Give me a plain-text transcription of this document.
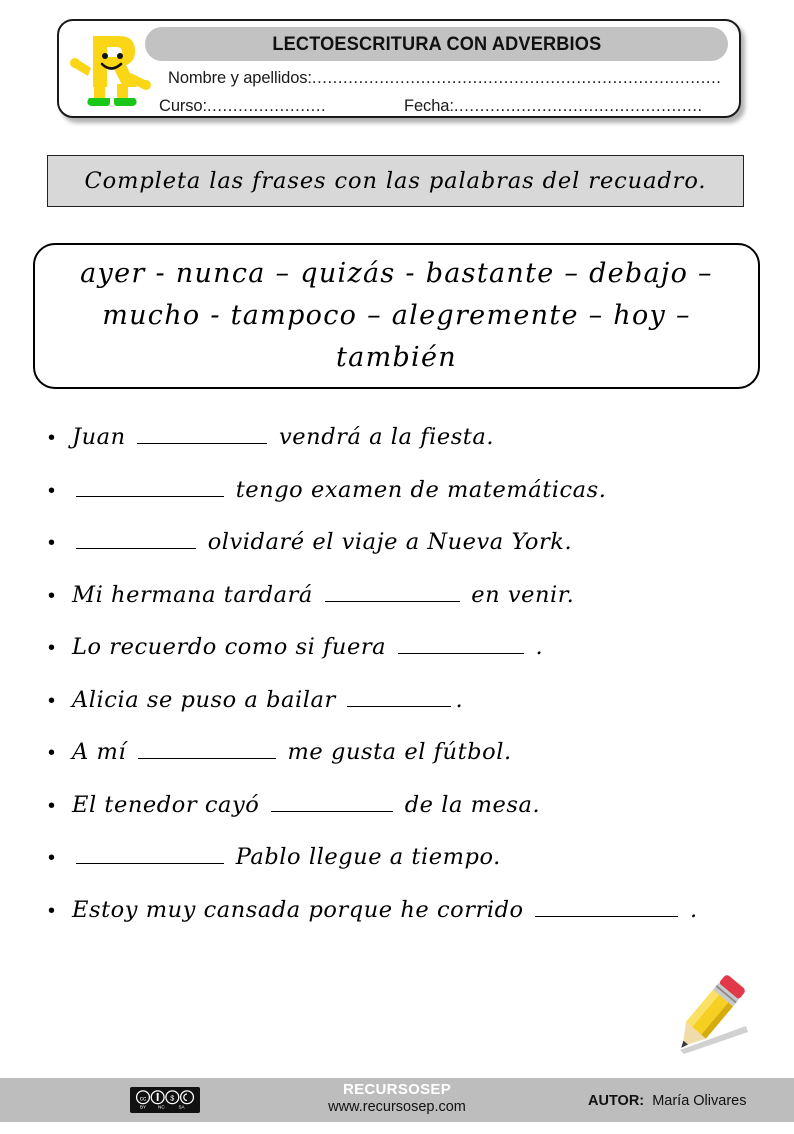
LECTOESCRITURA CON ADVERBIOS
Nombre y apellidos:...............................................................................
Curso:.......................	Fecha:................................................
Completa las frases con las palabras del recuadro.
ayer - nunca – quizás - bastante – debajo –
mucho - tampoco – alegremente – hoy –
también
• Juan	vendrá a la fiesta.
•	tengo examen de matemáticas.
•	olvidaré el viaje a Nueva York.
• Mi hermana tardará	en venir.
• Lo recuerdo como si fuera	.
• Alicia se puso a bailar	.
• A mí	me gusta el fútbol.
• El tenedor cayó	de la mesa.
•	Pablo llegue a tiempo.
• Estoy muy cansada porque he corrido	.
cc	$
BY NC	SA
RECURSOSEP
www.recursosep.com	AUTOR: María Olivares
